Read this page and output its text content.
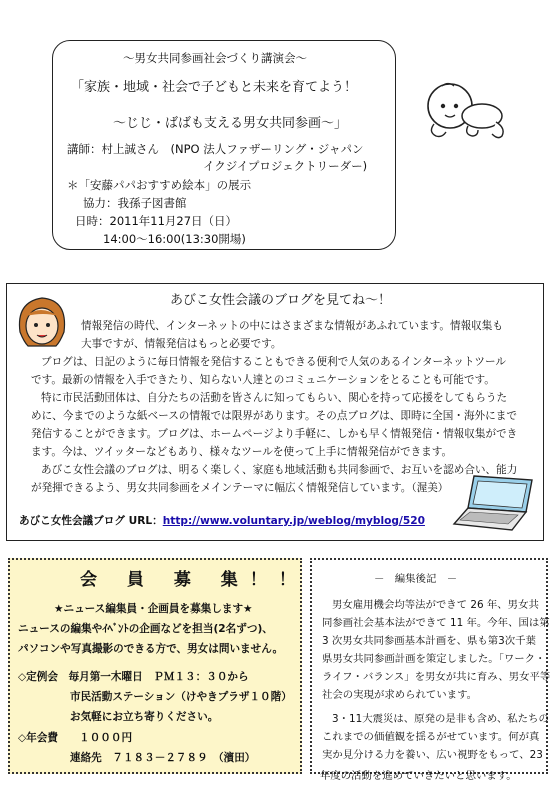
～男女共同参画社会づくり講演会～
「家族・地域・社会で子どもと未来を育てよう！
～じじ・ばばも支える男女共同参画～」
講師：村上誠さん　(NPO 法人ファザーリング・ジャパン
イクジイプロジェクトリーダー)
＊「安藤パパおすすめ絵本」の展示
協力：我孫子図書館
日時：2011年11月27日（日）
14:00～16:00(13:30開場)
あびこ女性会議のブログを見てね～！
情報発信の時代、インターネットの中にはさまざまな情報があふれています。情報収集も
大事ですが、情報発信はもっと必要です。
ブログは、日記のように毎日情報を発信することもできる便利で人気のあるインターネットツール
です。最新の情報を入手できたり、知らない人達とのコミュニケーションをとることも可能です。
特に市民活動団体は、自分たちの活動を皆さんに知ってもらい、関心を持って応援をしてもらうた
めに、今までのような紙ベースの情報では限界があります。その点ブログは、即時に全国・海外にまで
発信することができます。ブログは、ホームページより手軽に、しかも早く情報発信・情報収集ができ
ます。今は、ツイッターなどもあり、様々なツールを使って上手に情報発信ができます。
あびこ女性会議のブログは、明るく楽しく、家庭も地域活動も共同参画で、お互いを認め合い、能力
が発揮できるよう、男女共同参画をメインテーマに幅広く情報発信しています。（渥美）
あびこ女性会議ブログ URL：http://www.voluntary.jp/weblog/myblog/520
会 員 募 集！！
★ニュース編集員・企画員を募集します★
ニュースの編集やｲﾍﾞﾝﾄの企画などを担当(2名ずつ)、
パソコンや写真撮影のできる方で、男女は問いません。
◇定例会　毎月第一木曜日　ＰＭ１３：３０から
市民活動ステーション（けやきプラザ１０階）
お気軽にお立ち寄りください。
◇年会費　　１０００円
連絡先　７１８３－２７８９　（濱田）
－　編集後記　－
男女雇用機会均等法ができて 26 年、男女共
同参画社会基本法ができて 11 年。今年、国は第
3 次男女共同参画基本計画を、県も第3次千葉
県男女共同参画計画を策定しました。「ワーク・
ライフ・バランス」を男女が共に育み、男女平等
社会の実現が求められています。
3・11大震災は、原発の是非も含め、私たちの
これまでの価値観を揺るがせています。何が真
実か見分ける力を養い、広い視野をもって、23
年度の活動を進めていきたいと思います。
